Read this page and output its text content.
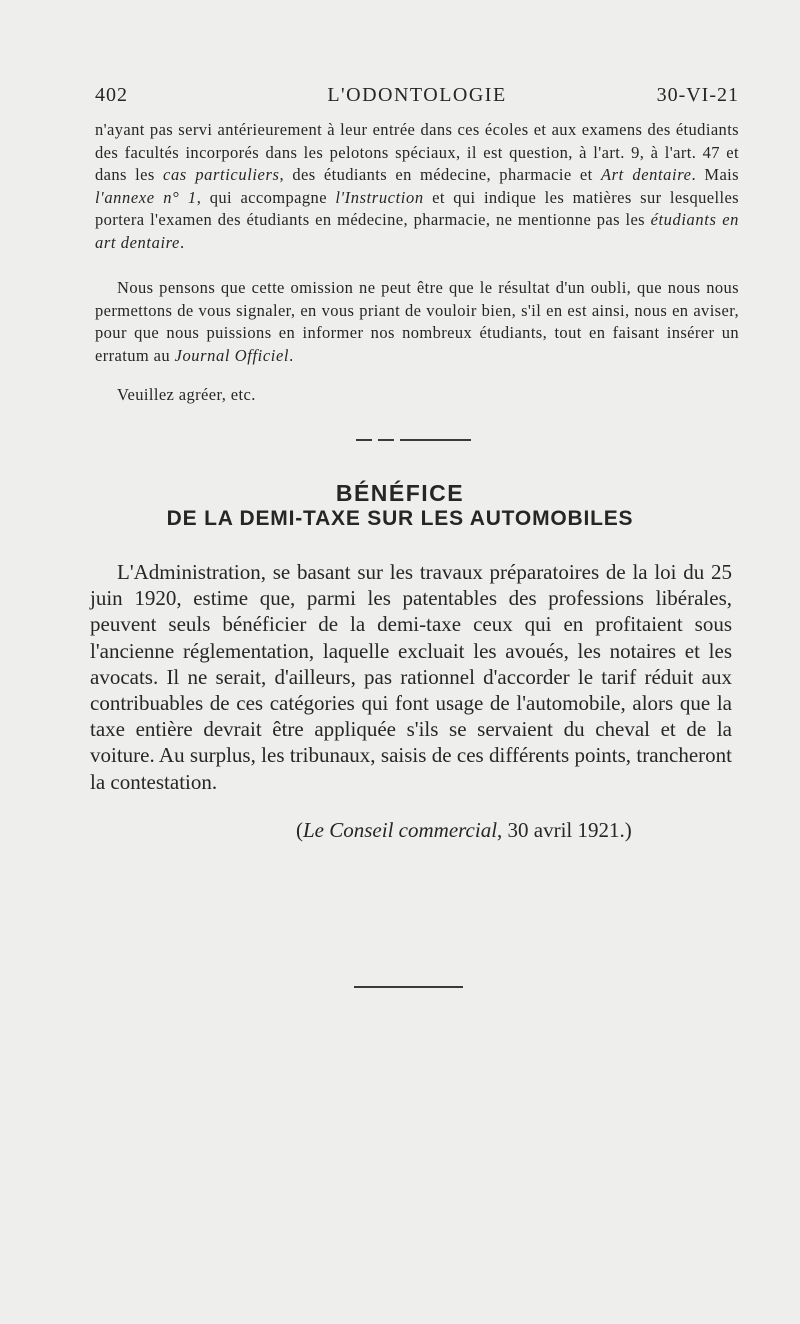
402	L'ODONTOLOGIE	30-VI-21

n'ayant pas servi antérieurement à leur entrée dans ces écoles et aux examens des étudiants des facultés incorporés dans les pelotons spéciaux, il est question, à l'art. 9, à l'art. 47 et dans les cas particuliers, des étudiants en médecine, pharmacie et Art dentaire. Mais l'annexe n° 1, qui accompagne l'Instruction et qui indique les matières sur lesquelles portera l'examen des étudiants en médecine, pharmacie, ne mentionne pas les étudiants en art dentaire.

Nous pensons que cette omission ne peut être que le résultat d'un oubli, que nous nous permettons de vous signaler, en vous priant de vouloir bien, s'il en est ainsi, nous en aviser, pour que nous puissions en informer nos nombreux étudiants, tout en faisant insérer un erratum au Journal Officiel.

Veuillez agréer, etc.

BÉNÉFICE
DE LA DEMI-TAXE SUR LES AUTOMOBILES

L'Administration, se basant sur les travaux préparatoires de la loi du 25 juin 1920, estime que, parmi les patentables des professions libérales, peuvent seuls bénéficier de la demi-taxe ceux qui en profitaient sous l'ancienne réglementation, laquelle excluait les avoués, les notaires et les avocats. Il ne serait, d'ailleurs, pas rationnel d'accorder le tarif réduit aux contribuables de ces catégories qui font usage de l'automobile, alors que la taxe entière devrait être appliquée s'ils se servaient du cheval et de la voiture. Au surplus, les tribunaux, saisis de ces différents points, trancheront la contestation.

(Le Conseil commercial, 30 avril 1921.)
